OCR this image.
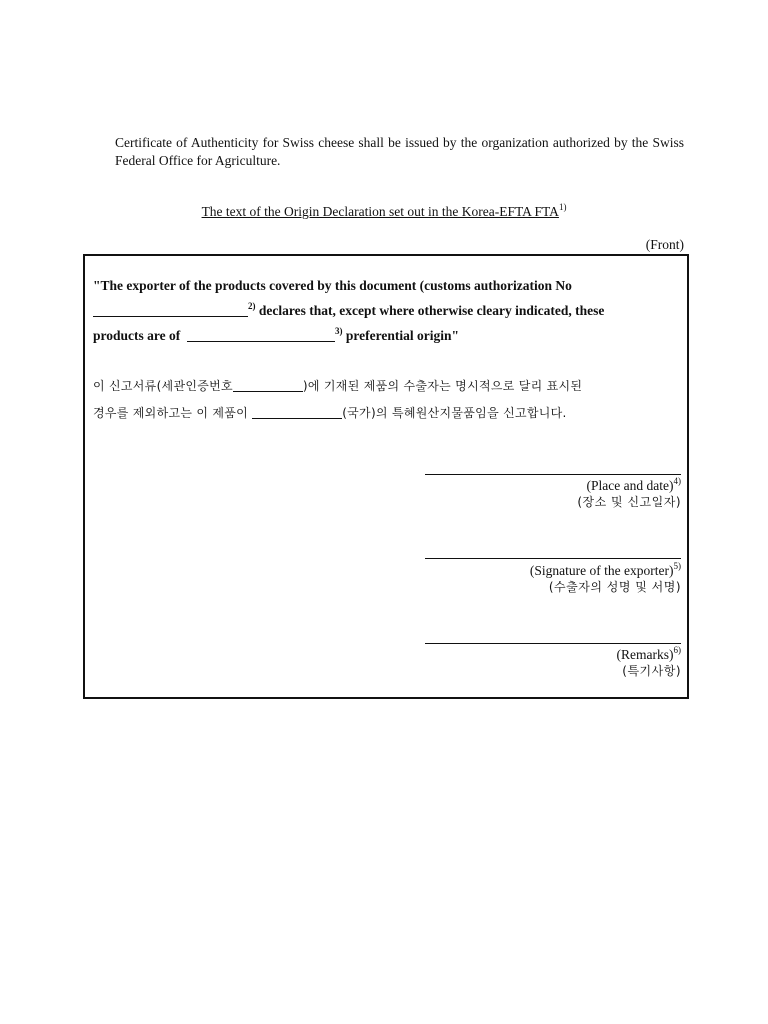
Certificate of Authenticity for Swiss cheese shall be issued by the organization authorized by the Swiss Federal Office for Agriculture.
The text of the Origin Declaration set out in the Korea-EFTA FTA$^{1)}$
(Front)
"The exporter of the products covered by this document (customs authorization No
$^{2)}$ declares that, except where otherwise cleary indicated, these
products are of	$^{3)}$ preferential origin"
이 신고서류(세관인증번호	)에 기재된 제품의 수출자는 명시적으로 달리 표시된
경우를 제외하고는 이 제품이	(국가)의 특혜원산지물품임을 신고합니다.
(Place and date)$^{4)}$
(장소 및 신고일자)
(Signature of the exporter)$^{5)}$
(수출자의 성명 및 서명)
(Remarks)$^{6)}$
(특기사항)
